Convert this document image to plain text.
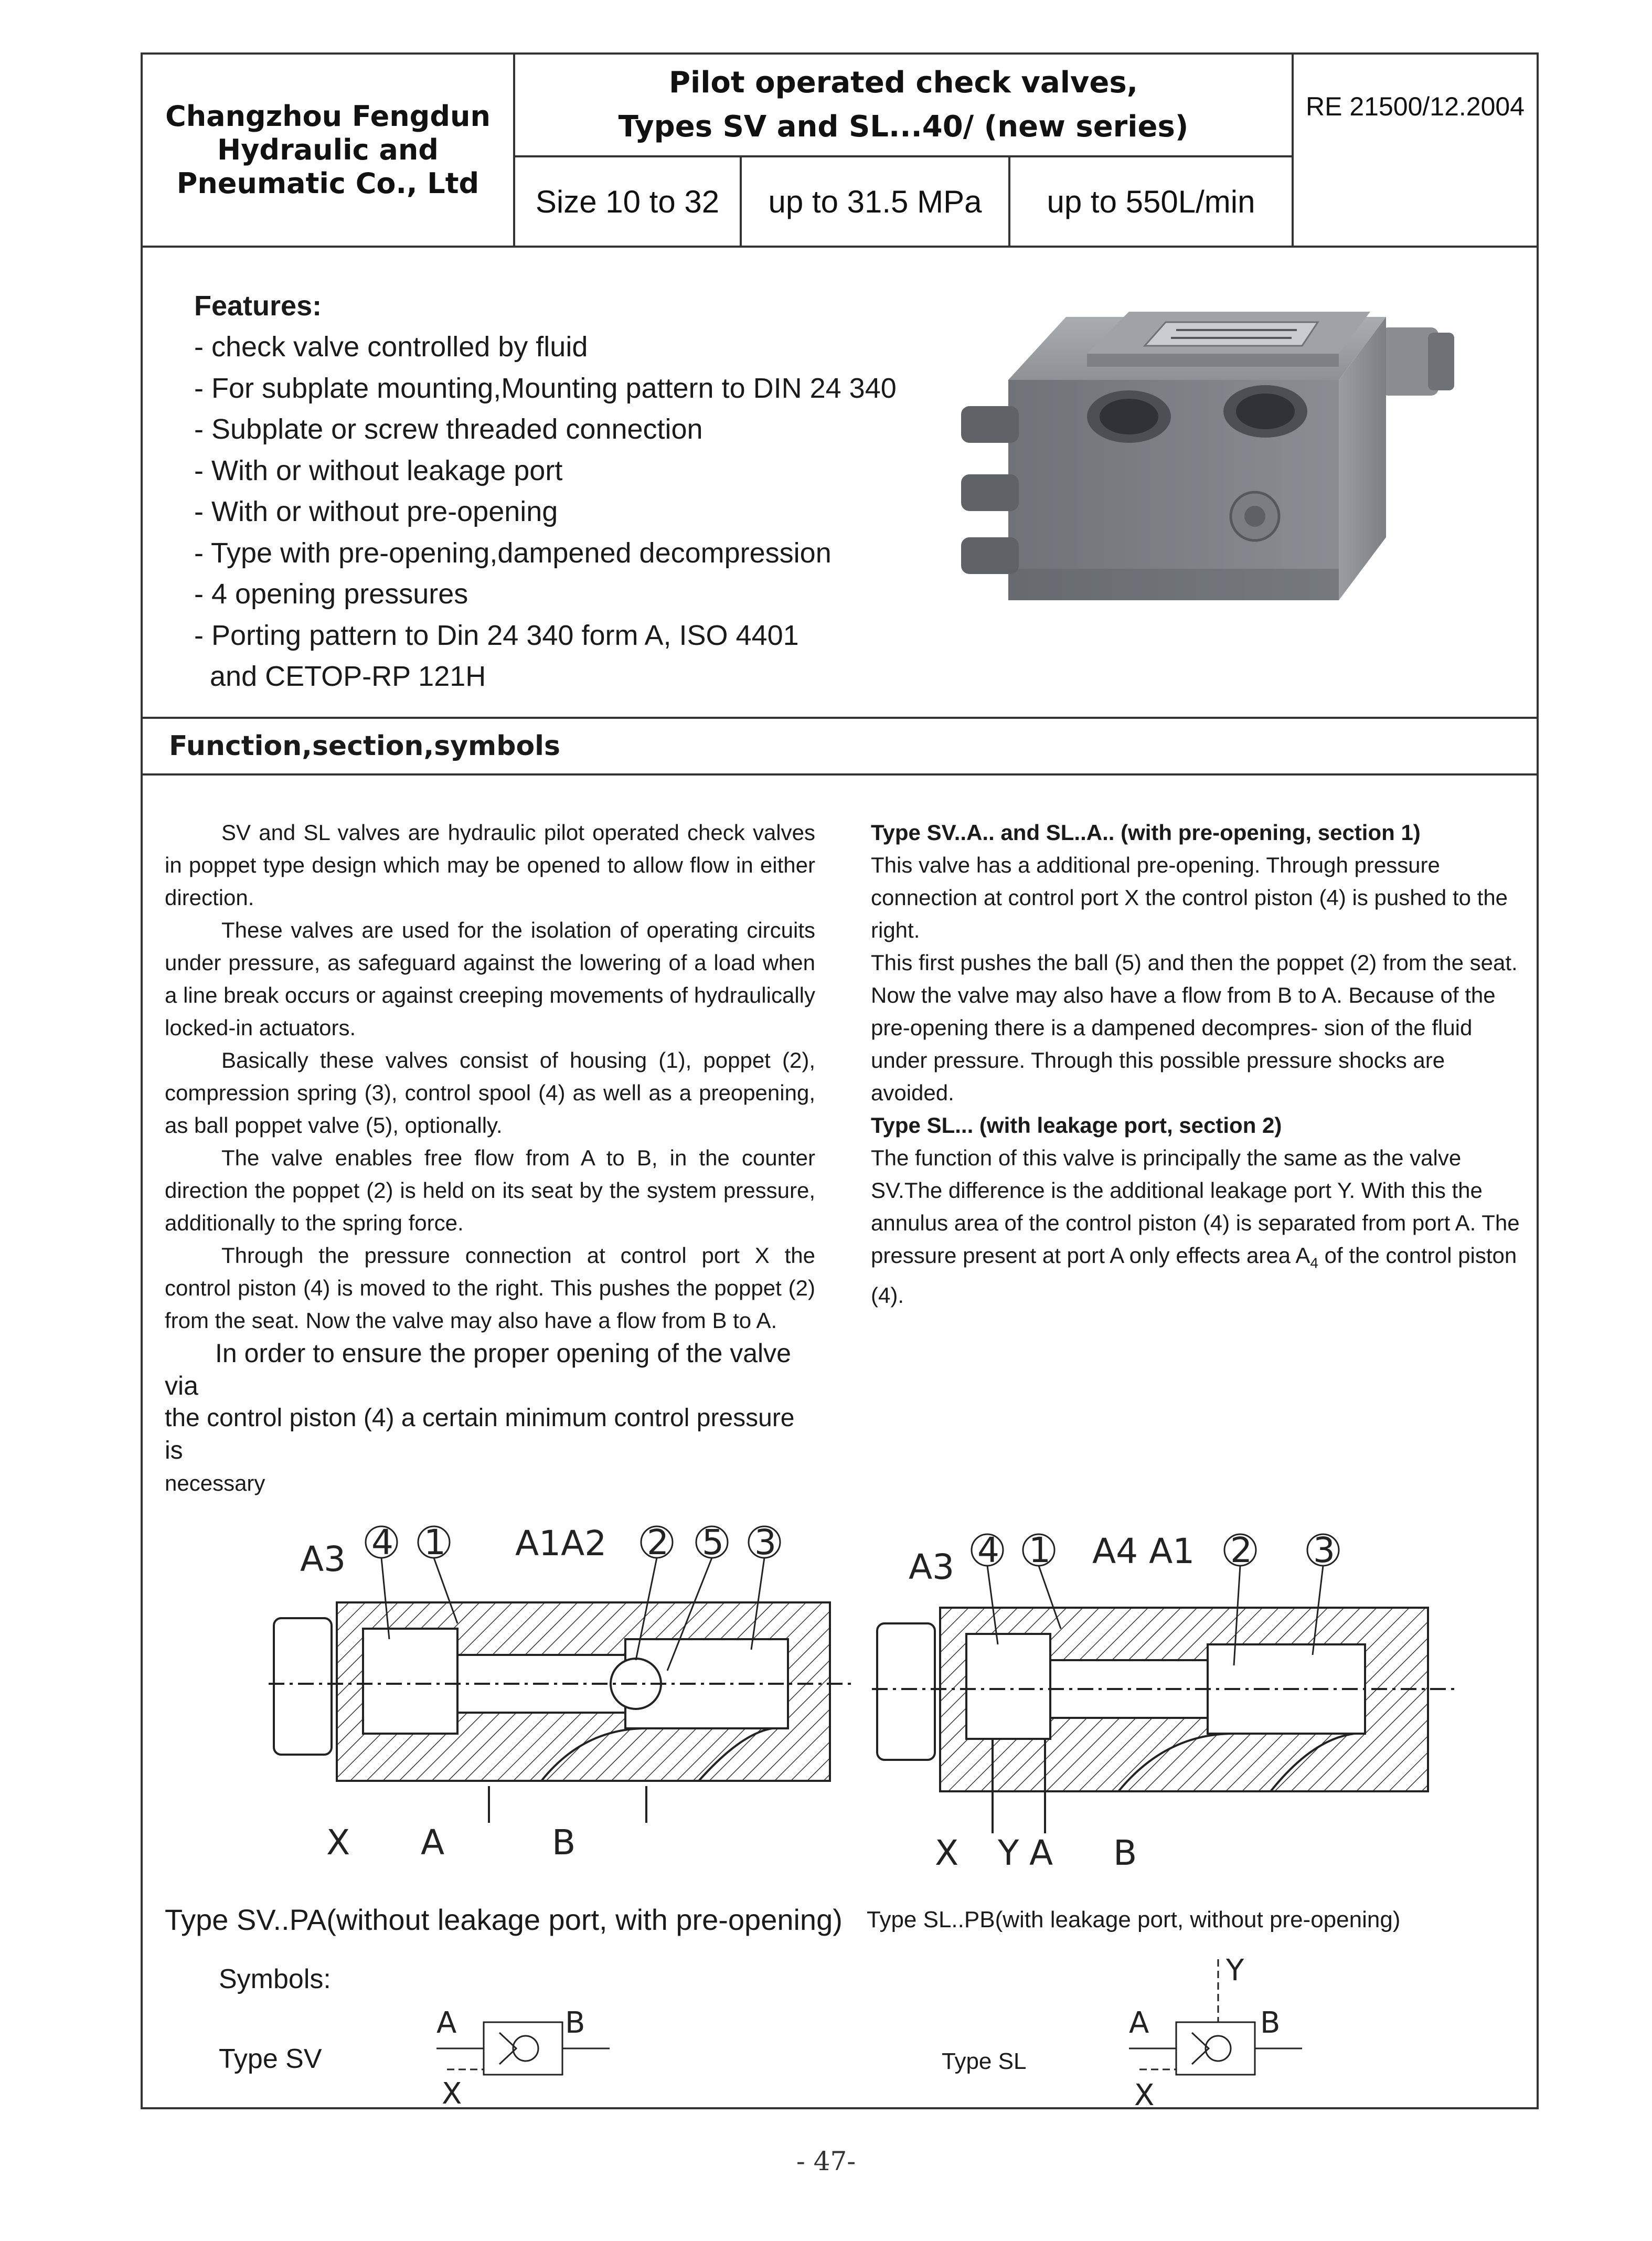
Changzhou Fengdun
Hydraulic and
Pneumatic Co., Ltd
Pilot operated check valves,
Types SV and SL...40/ (new series)
RE 21500/12.2004
Size 10 to 32	up to 31.5 MPa	up to 550L/min
Features:
- check valve controlled by fluid
- For subplate mounting,Mounting pattern to DIN 24 340
- Subplate or screw threaded connection
- With or without leakage port
- With or without pre-opening
- Type with pre-opening,dampened decompression
- 4 opening pressures
- Porting pattern to Din 24 340 form A, ISO 4401
and CETOP-RP 121H
Function,section,symbols

SV and SL valves are hydraulic pilot operated check valves in poppet type design which may be opened to allow flow in either direction.

These valves are used for the isolation of operating circuits under pressure, as safeguard against the lowering of a load when a line break occurs or against creeping movements of hydraulically locked-in actuators.

Basically these valves consist of housing (1), poppet (2), compression spring (3), control spool (4) as well as a preopening, as ball poppet valve (5), optionally.

The valve enables free flow from A to B, in the counter direction the poppet (2) is held on its seat by the system pressure, additionally to the spring force.

Through the pressure connection at control port X the control piston (4) is moved to the right. This pushes the poppet (2) from the seat. Now the valve may also have a flow from B to A.

In order to ensure the proper opening of the valve via

the control piston (4) a certain minimum control pressure is

necessary

Type SV..A.. and SL..A.. (with pre-opening, section 1)

This valve has a additional pre-opening. Through pressure connection at control port X the control piston (4) is pushed to the right.

This first pushes the ball (5) and then the poppet (2) from the seat. Now the valve may also have a flow from B to A. Because of the pre-opening there is a dampened decompres- sion of the fluid under pressure. Through this possible pressure shocks are avoided.

Type SL... (with leakage port, section 2)

The function of this valve is principally the same as the valve SV.The difference is the additional leakage port Y. With this the annulus area of the control piston (4) is separated from port A. The pressure present at port A only effects area $A_4$ of the control piston (4).

A3 4 1 A1A2 2 5 3
X A	B
A3 4 1 A4 A1 2 3
X Y A B
Type SV..PA(without leakage port, with pre-opening) Type SL..PB(with leakage port, without pre-opening)
Symbols:
Type SV	Type SL
A	B
X
A	B
X
Y
- 47-
